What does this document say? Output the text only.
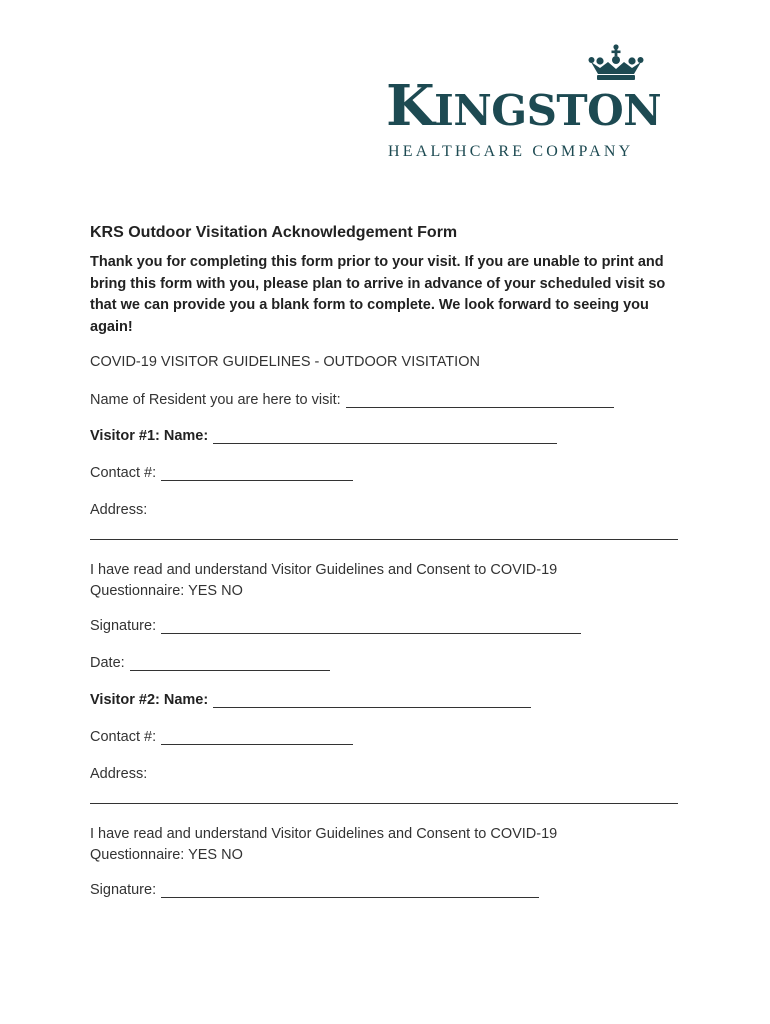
KINGSTON
HEALTHCARE COMPANY
KRS Outdoor Visitation Acknowledgement Form
Thank you for completing this form prior to your visit. If you are unable to print and bring this form with you, please plan to arrive in advance of your scheduled visit so that we can provide you a blank form to complete. We look forward to seeing you again!
COVID-19 VISITOR GUIDELINES - OUTDOOR VISITATION
Name of Resident you are here to visit:
Visitor #1: Name:
Contact #:
Address:
I have read and understand Visitor Guidelines and Consent to COVID-19
Questionnaire: YES NO
Signature:
Date:
Visitor #2: Name:
Contact #:
Address:
I have read and understand Visitor Guidelines and Consent to COVID-19
Questionnaire: YES NO
Signature:
